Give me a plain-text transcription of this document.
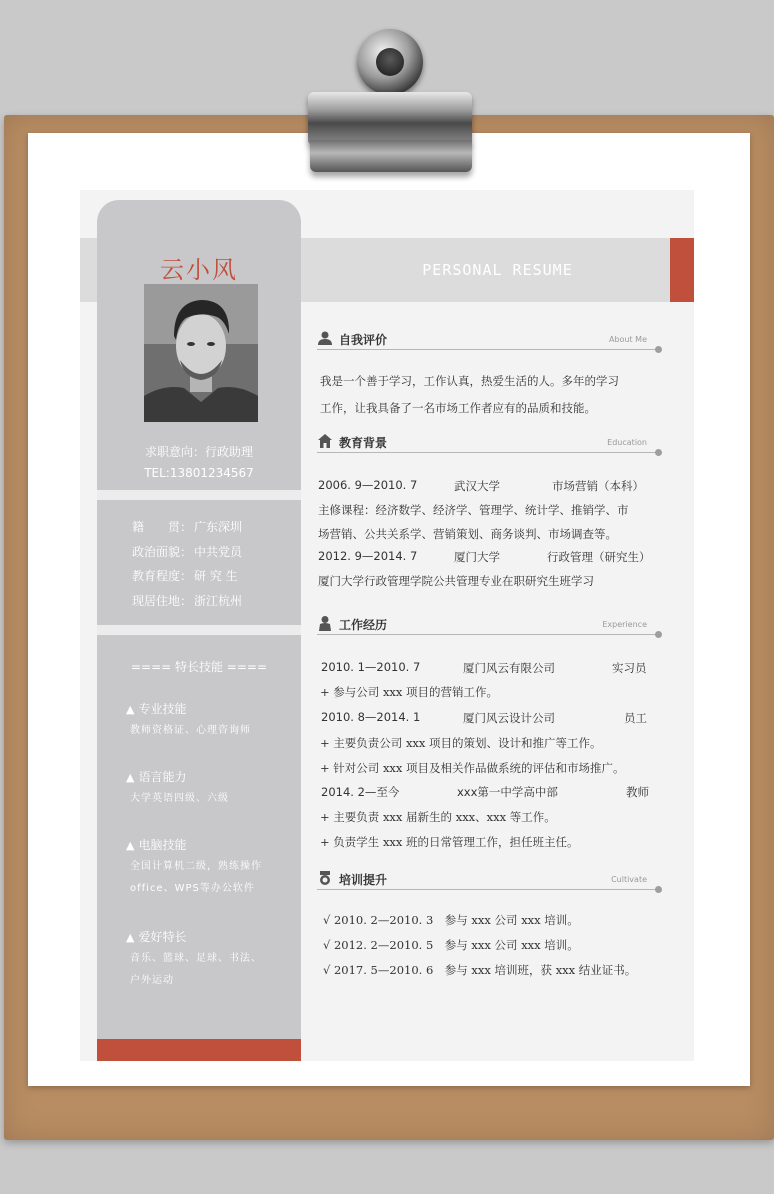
PERSONAL RESUME
云小风
求职意向：行政助理
TEL:13801234567
籍　　贯： 广东深圳
政治面貌： 中共党员
教育程度： 研 究 生
现居住地： 浙江杭州
==== 特长技能 ====
▲ 专业技能
教师资格证、心理咨询师
▲ 语言能力
大学英语四级、六级
▲ 电脑技能
全国计算机二级，熟练操作
office、WPS等办公软件
▲ 爱好特长
音乐、篮球、足球、书法、
户外运动
自我评价	About Me
我是一个善于学习，工作认真，热爱生活的人。多年的学习
工作，让我具备了一名市场工作者应有的品质和技能。
教育背景	Education
2006. 9—2010. 7	武汉大学	市场营销（本科）
主修课程：经济数学、经济学、管理学、统计学、推销学、市
场营销、公共关系学、营销策划、商务谈判、市场调查等。
2012. 9—2014. 7	厦门大学	行政管理（研究生）
厦门大学行政管理学院公共管理专业在职研究生班学习
工作经历	Experience
2010. 1—2010. 7	厦门风云有限公司	实习员
+ 参与公司 xxx 项目的营销工作。
2010. 8—2014. 1	厦门风云设计公司	员工
+ 主要负责公司 xxx 项目的策划、设计和推广等工作。
+ 针对公司 xxx 项目及相关作品做系统的评估和市场推广。
2014. 2—至今	xxx第一中学高中部	教师
+ 主要负责 xxx 届新生的 xxx、xxx 等工作。
+ 负责学生 xxx 班的日常管理工作，担任班主任。
培训提升	Cultivate
√ 2010. 2—2010. 3　参与 xxx 公司 xxx 培训。
√ 2012. 2—2010. 5　参与 xxx 公司 xxx 培训。
√ 2017. 5—2010. 6　参与 xxx 培训班，获 xxx 结业证书。
